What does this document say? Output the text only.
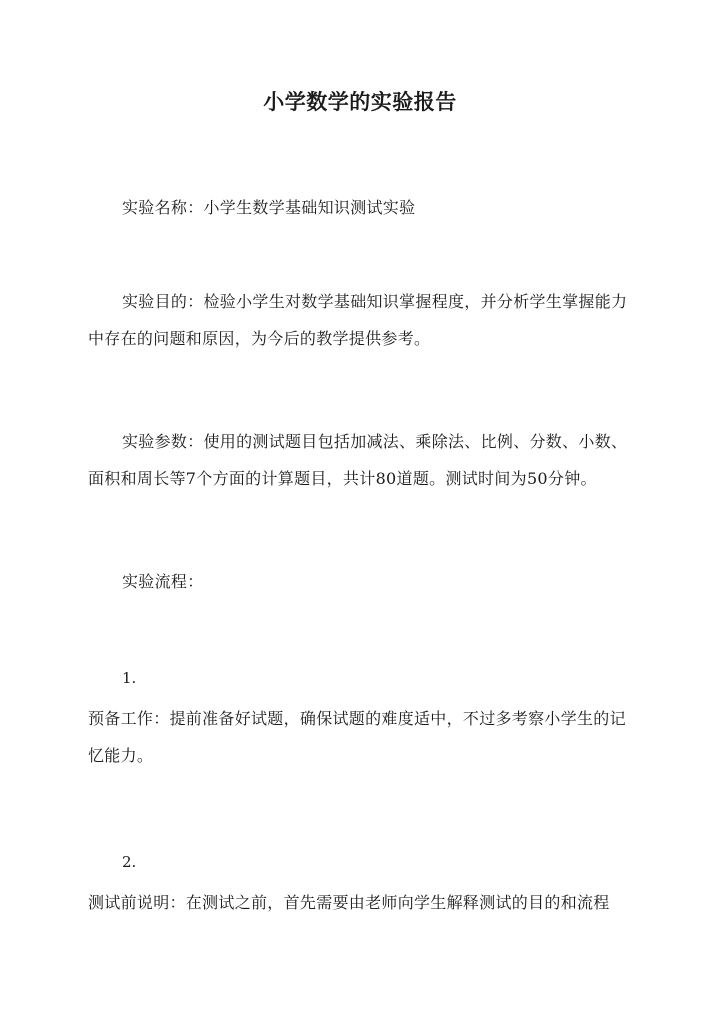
小学数学的实验报告
实验名称：小学生数学基础知识测试实验
实验目的：检验小学生对数学基础知识掌握程度，并分析学生掌握能力中存在的问题和原因，为今后的教学提供参考。
实验参数：使用的测试题目包括加减法、乘除法、比例、分数、小数、面积和周长等7个方面的计算题目，共计80道题。测试时间为50分钟。
实验流程：
1.
预备工作：提前准备好试题，确保试题的难度适中，不过多考察小学生的记忆能力。
2.
测试前说明：在测试之前，首先需要由老师向学生解释测试的目的和流程
